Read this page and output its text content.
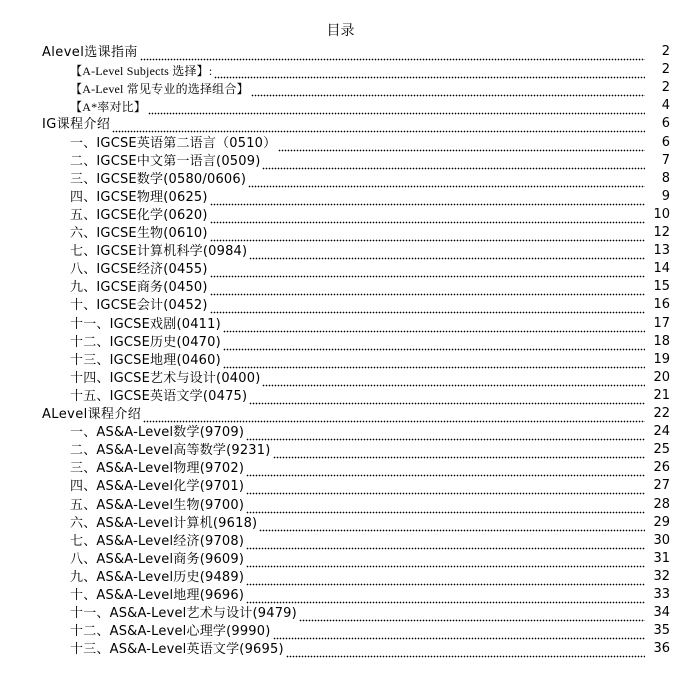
目录
Alevel选课指南	2
【A-Level Subjects 选择】:	2
【A-Level 常见专业的选择组合】	2
【A*率对比】	4
IG课程介绍	6
一、IGCSE英语第二语言（0510）	6
二、IGCSE中文第一语言(0509)	7
三、IGCSE数学(0580/0606)	8
四、IGCSE物理(0625)	9
五、IGCSE化学(0620)	10
六、IGCSE生物(0610)	12
七、IGCSE计算机科学(0984)	13
八、IGCSE经济(0455)	14
九、IGCSE商务(0450)	15
十、IGCSE会计(0452)	16
十一、IGCSE戏剧(0411)	17
十二、IGCSE历史(0470)	18
十三、IGCSE地理(0460)	19
十四、IGCSE艺术与设计(0400)	20
十五、IGCSE英语文学(0475)	21
ALevel课程介绍	22
一、AS&A-Level数学(9709)	24
二、AS&A-Level高等数学(9231)	25
三、AS&A-Level物理(9702)	26
四、AS&A-Level化学(9701)	27
五、AS&A-Level生物(9700)	28
六、AS&A-Level计算机(9618)	29
七、AS&A-Level经济(9708)	30
八、AS&A-Level商务(9609)	31
九、AS&A-Level历史(9489)	32
十、AS&A-Level地理(9696)	33
十一、AS&A-Level艺术与设计(9479)	34
十二、AS&A-Level心理学(9990)	35
十三、AS&A-Level英语文学(9695)	36
